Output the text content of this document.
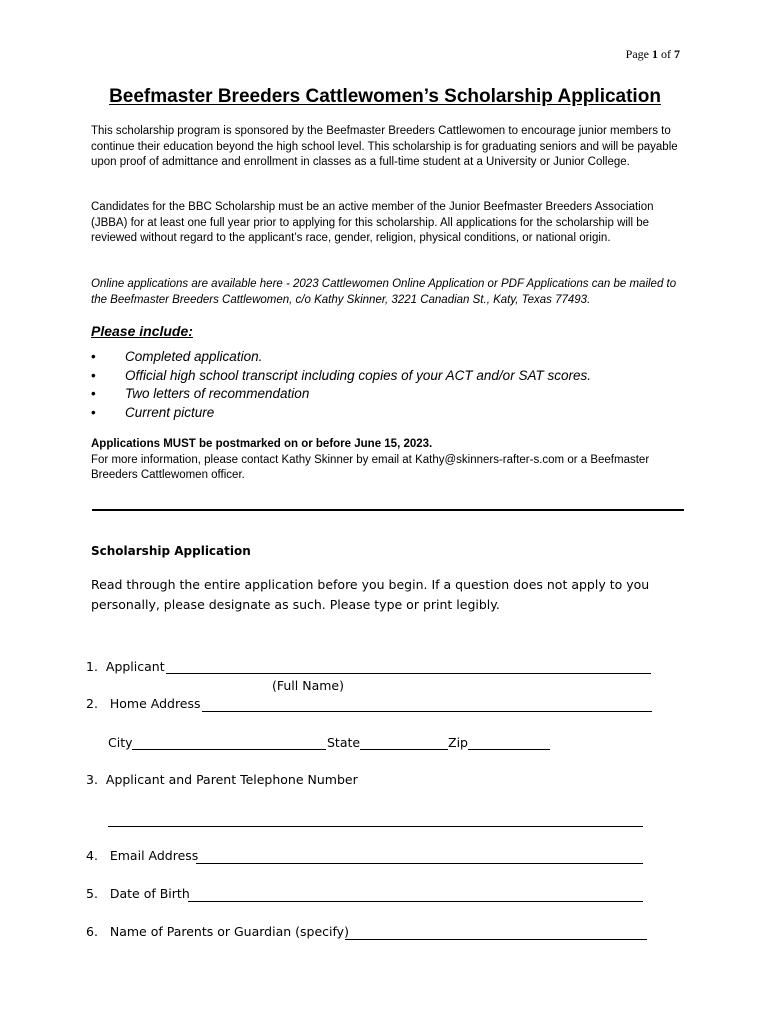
Page 1 of 7
Beefmaster Breeders Cattlewomen’s Scholarship Application
This scholarship program is sponsored by the Beefmaster Breeders Cattlewomen to encourage junior members to continue their education beyond the high school level. This scholarship is for graduating seniors and will be payable upon proof of admittance and enrollment in classes as a full-time student at a University or Junior College.
Candidates for the BBC Scholarship must be an active member of the Junior Beefmaster Breeders Association (JBBA) for at least one full year prior to applying for this scholarship. All applications for the scholarship will be reviewed without regard to the applicant’s race, gender, religion, physical conditions, or national origin.
Online applications are available here - 2023 Cattlewomen Online Application or PDF Applications can be mailed to the Beefmaster Breeders Cattlewomen, c/o Kathy Skinner, 3221 Canadian St., Katy, Texas 77493.
Please include:
• Completed application.
• Official high school transcript including copies of your ACT and/or SAT scores.
• Two letters of recommendation
• Current picture
Applications MUST be postmarked on or before June 15, 2023.
For more information, please contact Kathy Skinner by email at Kathy@skinners-rafter-s.com or a Beefmaster Breeders Cattlewomen officer.
Scholarship Application
Read through the entire application before you begin. If a question does not apply to you personally, please designate as such. Please type or print legibly.
1. Applicant
(Full Name)
2. Home Address
City	State	Zip
3. Applicant and Parent Telephone Number
4. Email Address
5. Date of Birth
6. Name of Parents or Guardian (specify)
